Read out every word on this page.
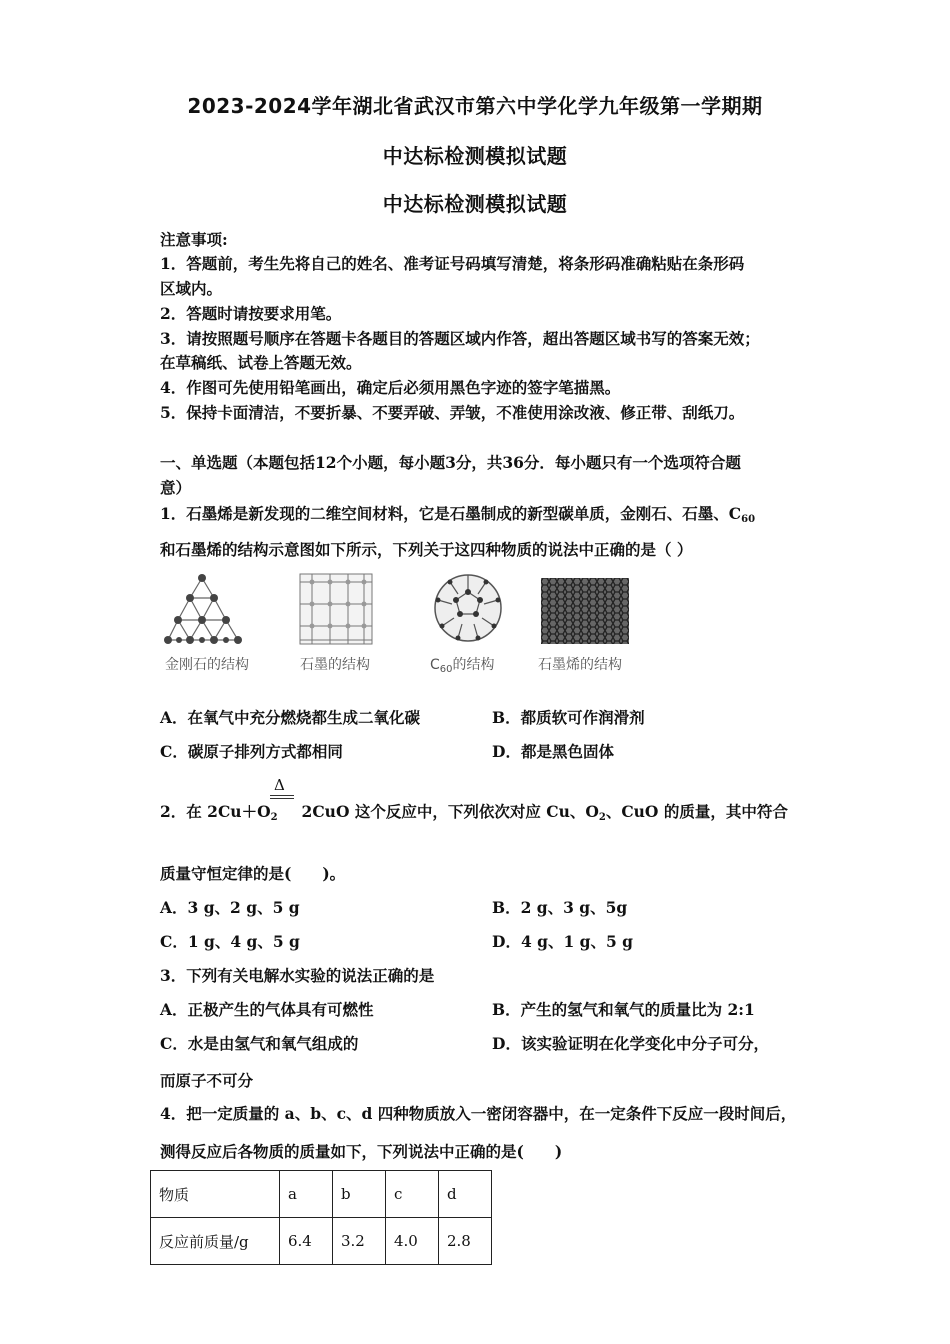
2023-2024学年湖北省武汉市第六中学化学九年级第一学期期
中达标检测模拟试题
中达标检测模拟试题
注意事项:
1．答题前，考生先将自己的姓名、准考证号码填写清楚，将条形码准确粘贴在条形码
区域内。
2．答题时请按要求用笔。
3．请按照题号顺序在答题卡各题目的答题区域内作答，超出答题区域书写的答案无效；
在草稿纸、试卷上答题无效。
4．作图可先使用铅笔画出，确定后必须用黑色字迹的签字笔描黑。
5．保持卡面清洁，不要折暴、不要弄破、弄皱，不准使用涂改液、修正带、刮纸刀。
一、单选题（本题包括12个小题，每小题3分，共36分．每小题只有一个选项符合题
意）
1．石墨烯是新发现的二维空间材料，它是石墨制成的新型碳单质，金刚石、石墨、$C_{60}$
和石墨烯的结构示意图如下所示，下列关于这四种物质的说法中正确的是（ ）
金刚石的结构	石墨的结构	$C_{60}$的结构	石墨烯的结构
A．在氧气中充分燃烧都生成二氧化碳	B．都质软可作润滑剂
C．碳原子排列方式都相同	D．都是黑色固体
Δ
2．在 $2Cu+O_2$ 2CuO 这个反应中，下列依次对应 Cu、$O_2$、CuO 的质量，其中符合
质量守恒定律的是(　　)。
A．3 g、2 g、5 g	B．2 g、3 g、5g
C．1 g、4 g、5 g	D．4 g、1 g、5 g
3．下列有关电解水实验的说法正确的是
A．正极产生的气体具有可燃性	B．产生的氢气和氧气的质量比为 2:1
C．水是由氢气和氧气组成的	D．该实验证明在化学变化中分子可分，
而原子不可分
4．把一定质量的 a、b、c、d 四种物质放入一密闭容器中，在一定条件下反应一段时间后，
测得反应后各物质的质量如下，下列说法中正确的是(　　)
物质	a	b	c	d
反应前质量/g	6.4	3.2	4.0	2.8
